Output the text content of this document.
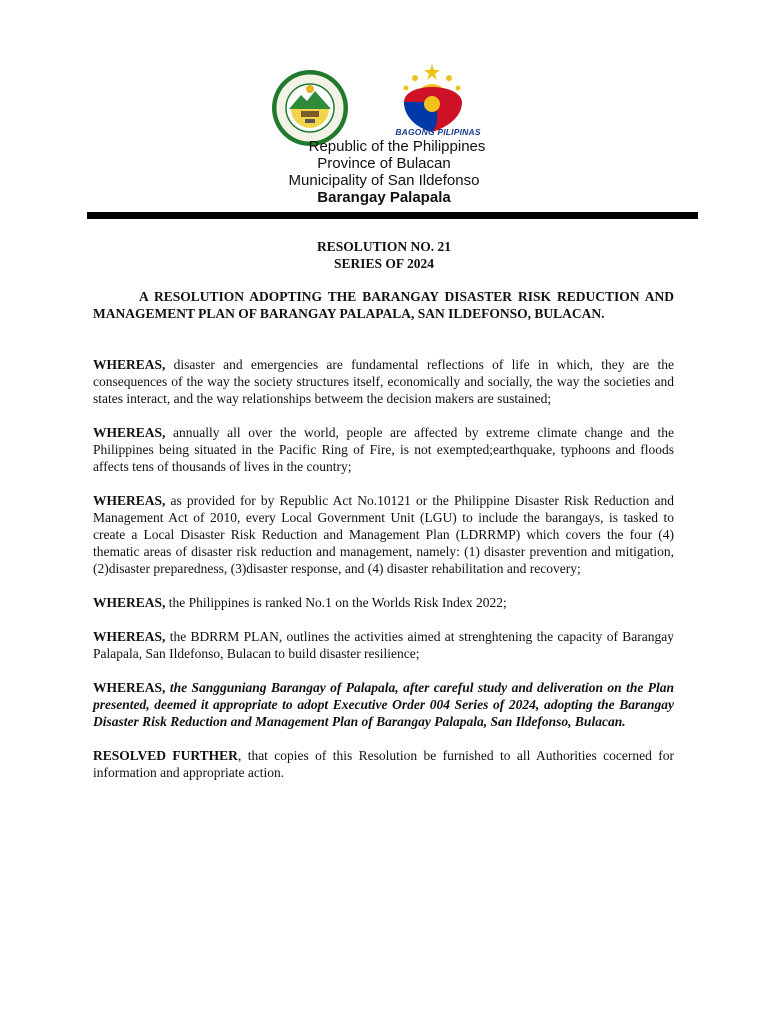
BAGONG PILIPINAS
Republic of the Philippines
Province of Bulacan
Municipality of San Ildefonso
Barangay Palapala
RESOLUTION NO. 21
SERIES OF 2024

A RESOLUTION ADOPTING THE BARANGAY DISASTER RISK REDUCTION AND MANAGEMENT PLAN OF BARANGAY PALAPALA, SAN ILDEFONSO, BULACAN.

WHEREAS, disaster and emergencies are fundamental reflections of life in which, they are the consequences of the way the society structures itself, economically and socially, the way the societies and states interact, and the way relationships betweem the decision makers are sustained;

WHEREAS, annually all over the world, people are affected by extreme climate change and the Philippines being situated in the Pacific Ring of Fire, is not exempted;earthquake, typhoons and floods affects tens of thousands of lives in the country;

WHEREAS, as provided for by Republic Act No.10121 or the Philippine Disaster Risk Reduction and Management Act of 2010, every Local Government Unit (LGU) to include the barangays, is tasked to create a Local Disaster Risk Reduction and Management Plan (LDRRMP) which covers the four (4) thematic areas of disaster risk reduction and management, namely: (1) disaster prevention and mitigation, (2)disaster preparedness, (3)disaster response, and (4) disaster rehabilitation and recovery;

WHEREAS, the Philippines is ranked No.1 on the Worlds Risk Index 2022;

WHEREAS, the BDRRM PLAN, outlines the activities aimed at strenghtening the capacity of Barangay Palapala, San Ildefonso, Bulacan to build disaster resilience;

WHEREAS, the Sangguniang Barangay of Palapala, after careful study and deliveration on the Plan presented, deemed it appropriate to adopt Executive Order 004 Series of 2024, adopting the Barangay Disaster Risk Reduction and Management Plan of Barangay Palapala, San Ildefonso, Bulacan.

RESOLVED FURTHER, that copies of this Resolution be furnished to all Authorities cocerned for information and appropriate action.
